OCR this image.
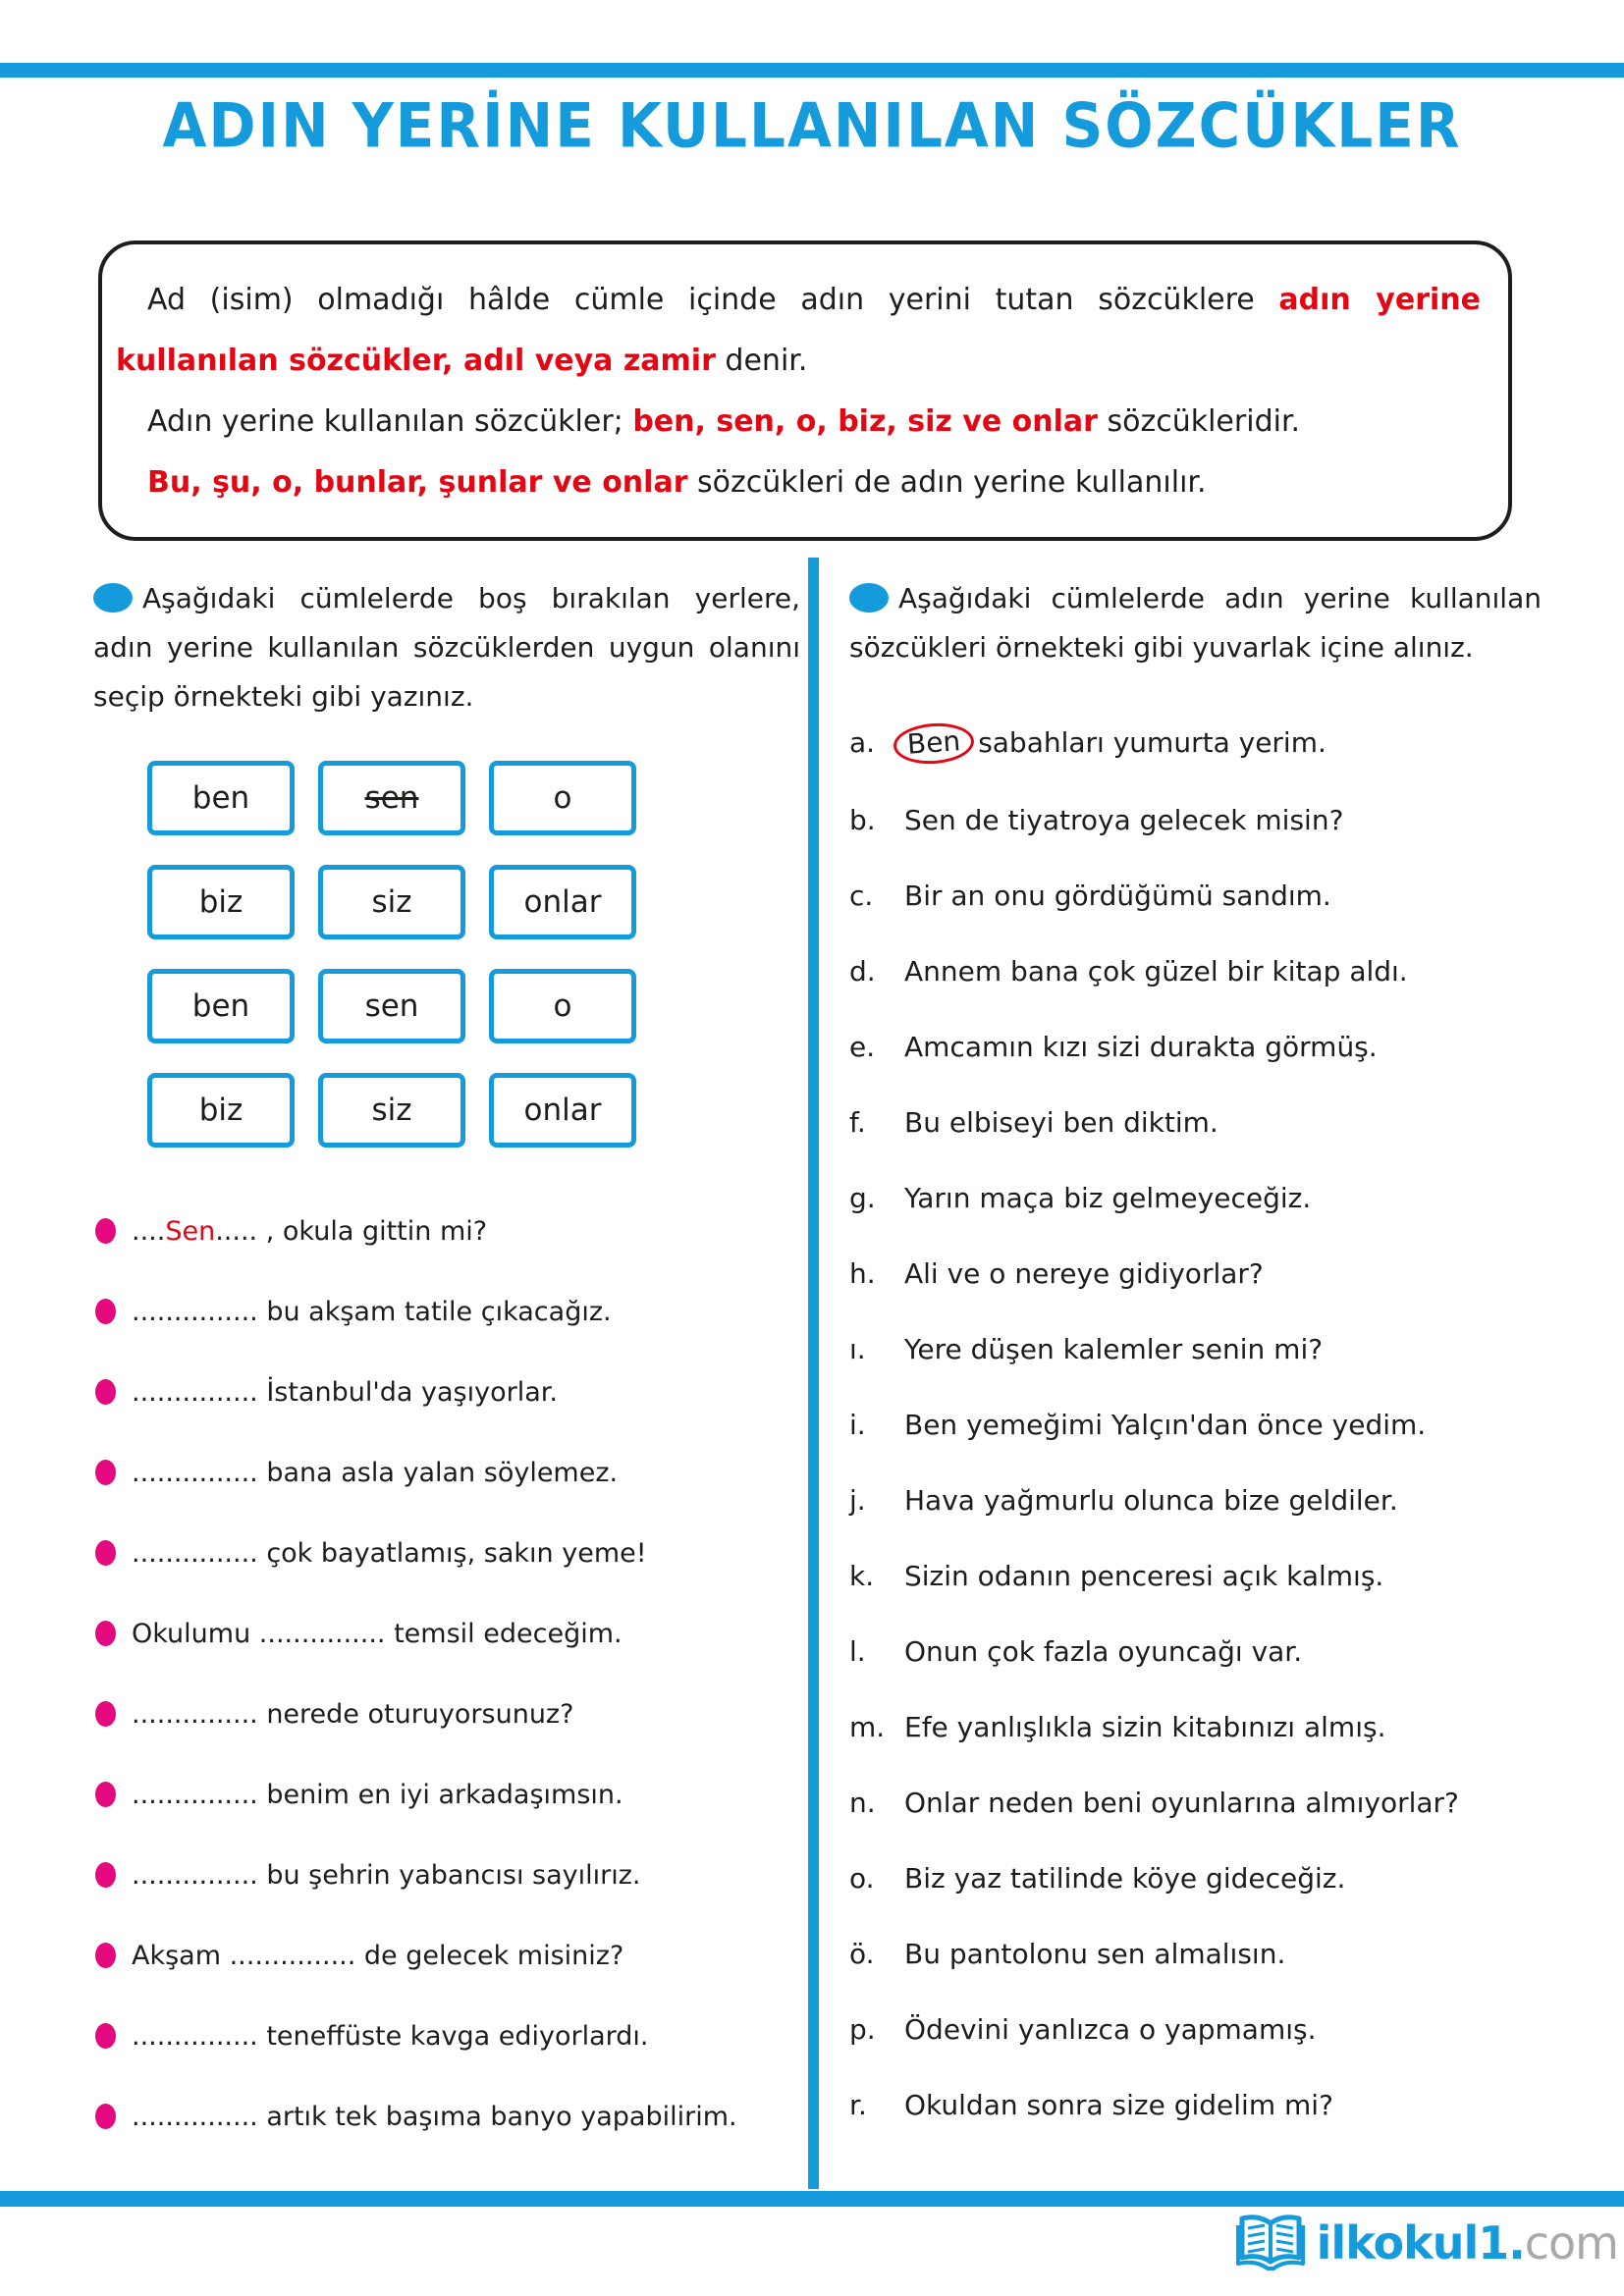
ADIN YERİNE KULLANILAN SÖZCÜKLER

Ad (isim) olmadığı hâlde cümle içinde adın yerini tutan sözcüklere adın yerine kullanılan sözcükler, adıl veya zamir denir.

Adın yerine kullanılan sözcükler; ben, sen, o, biz, siz ve onlar sözcükleridir.

Bu, şu, o, bunlar, şunlar ve onlar sözcükleri de adın yerine kullanılır.

Aşağıdaki cümlelerde boş bırakılan yerlere, adın yerine kullanılan sözcüklerden uygun olanını seçip örnekteki gibi yazınız.

ben	sen	o
biz	siz	onlar
ben	sen	o
biz	siz	onlar
....Sen..... , okula gittin mi?
............... bu akşam tatile çıkacağız.
............... İstanbul'da yaşıyorlar.
............... bana asla yalan söylemez.
............... çok bayatlamış, sakın yeme!
Okulumu ............... temsil edeceğim.
............... nerede oturuyorsunuz?
............... benim en iyi arkadaşımsın.
............... bu şehrin yabancısı sayılırız.
Akşam ............... de gelecek misiniz?
............... teneffüste kavga ediyorlardı.
............... artık tek başıma banyo yapabilirim.

Aşağıdaki cümlelerde adın yerine kullanılan sözcükleri örnekteki gibi yuvarlak içine alınız.

a.	Ben sabahları yumurta yerim.
b.	Sen de tiyatroya gelecek misin?
c.	Bir an onu gördüğümü sandım.
d.	Annem bana çok güzel bir kitap aldı.
e.	Amcamın kızı sizi durakta görmüş.
f.	Bu elbiseyi ben diktim.
g.	Yarın maça biz gelmeyeceğiz.
h.	Ali ve o nereye gidiyorlar?
ı.	Yere düşen kalemler senin mi?
i.	Ben yemeğimi Yalçın'dan önce yedim.
j.	Hava yağmurlu olunca bize geldiler.
k.	Sizin odanın penceresi açık kalmış.
l.	Onun çok fazla oyuncağı var.
m. Efe yanlışlıkla sizin kitabınızı almış.
n.	Onlar neden beni oyunlarına almıyorlar?
o.	Biz yaz tatilinde köye gideceğiz.
ö.	Bu pantolonu sen almalısın.
p.	Ödevini yanlızca o yapmamış.
r.	Okuldan sonra size gidelim mi?
ilkokul1. com
